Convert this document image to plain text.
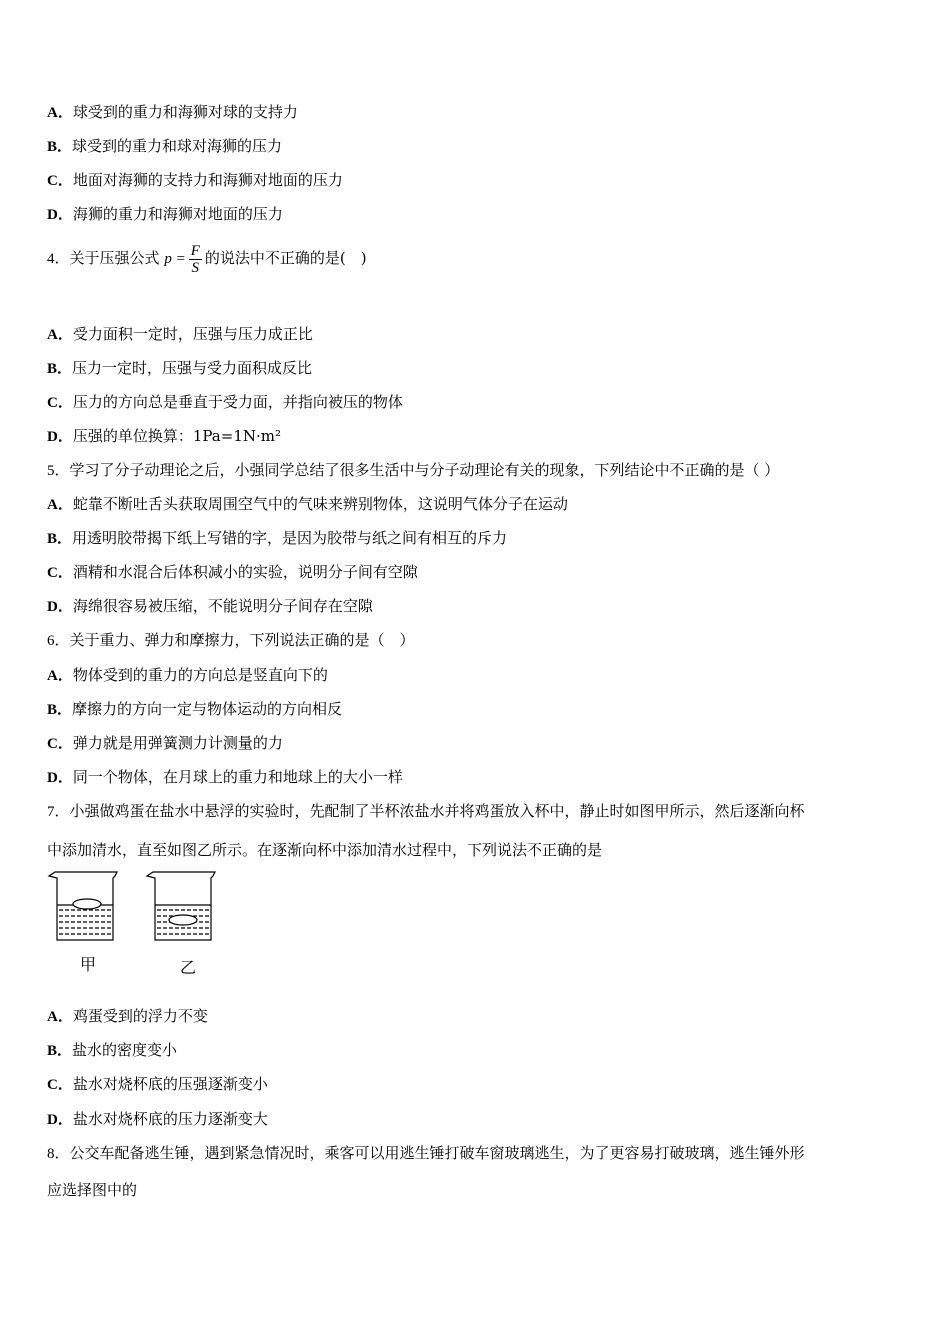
A．球受到的重力和海狮对球的支持力
B．球受到的重力和球对海狮的压力
C．地面对海狮的支持力和海狮对地面的压力
D．海狮的重力和海狮对地面的压力
4．关于压强公式 $p = \frac{F}{S}$ 的说法中不正确的是(　)
A．受力面积一定时，压强与压力成正比
B．压力一定时，压强与受力面积成反比
C．压力的方向总是垂直于受力面，并指向被压的物体
D．压强的单位换算：1Pa=1N·m²
5．学习了分子动理论之后，小强同学总结了很多生活中与分子动理论有关的现象，下列结论中不正确的是（ ）
A．蛇靠不断吐舌头获取周围空气中的气味来辨别物体，这说明气体分子在运动
B．用透明胶带揭下纸上写错的字，是因为胶带与纸之间有相互的斥力
C．酒精和水混合后体积减小的实验，说明分子间有空隙
D．海绵很容易被压缩，不能说明分子间存在空隙
6．关于重力、弹力和摩擦力，下列说法正确的是（　）
A．物体受到的重力的方向总是竖直向下的
B．摩擦力的方向一定与物体运动的方向相反
C．弹力就是用弹簧测力计测量的力
D．同一个物体，在月球上的重力和地球上的大小一样
7．小强做鸡蛋在盐水中悬浮的实验时，先配制了半杯浓盐水并将鸡蛋放入杯中，静止时如图甲所示，然后逐渐向杯
中添加清水，直至如图乙所示。在逐渐向杯中添加清水过程中，下列说法不正确的是
甲	乙
A．鸡蛋受到的浮力不变
B．盐水的密度变小
C．盐水对烧杯底的压强逐渐变小
D．盐水对烧杯底的压力逐渐变大
8．公交车配备逃生锤，遇到紧急情况时，乘客可以用逃生锤打破车窗玻璃逃生，为了更容易打破玻璃，逃生锤外形
应选择图中的
